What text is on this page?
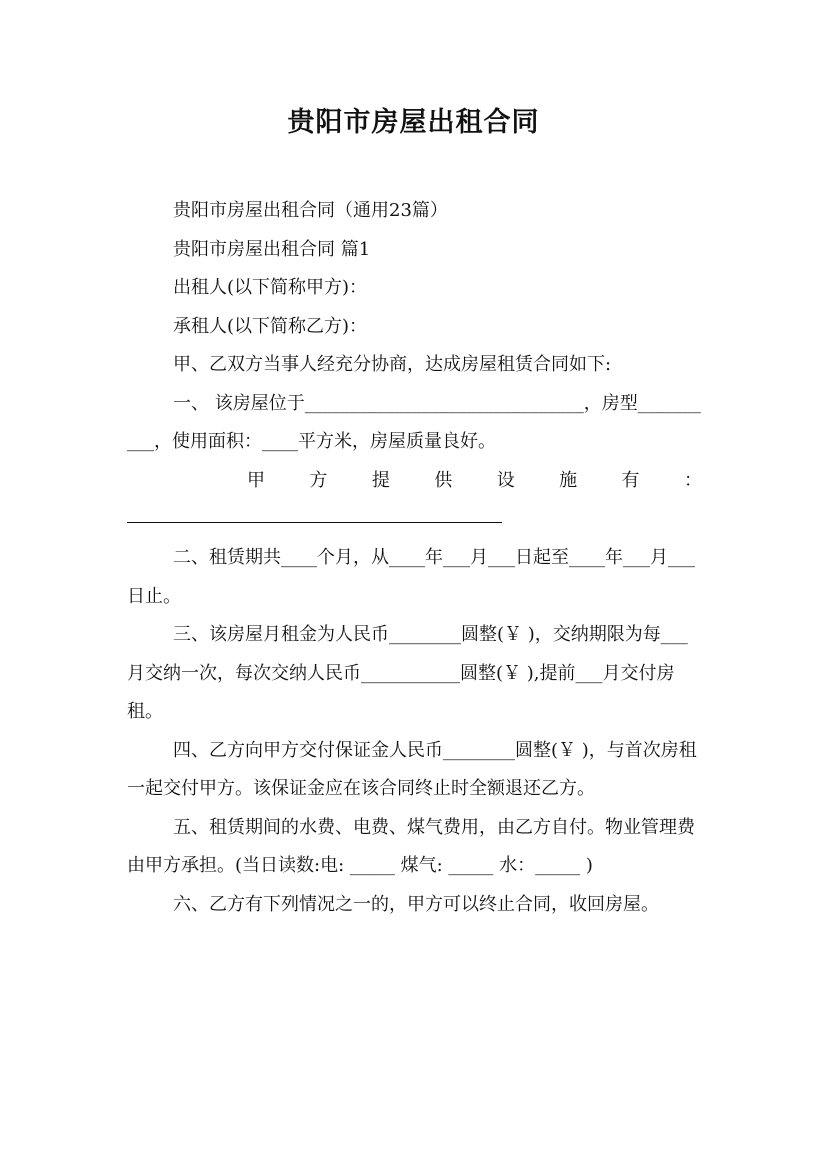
贵阳市房屋出租合同

贵阳市房屋出租合同（通用23篇）

贵阳市房屋出租合同 篇1

出租人(以下简称甲方)：

承租人(以下简称乙方)：

甲、乙双方当事人经充分协商，达成房屋租赁合同如下:

一、 该房屋位于_______________________________，房型__________，使用面积：____平方米，房屋质量良好。

甲 方 提 供 设 施 有 ：

二、租赁期共____个月，从____年___月___日起至____年___月___日止。

三、该房屋月租金为人民币________圆整(￥ )，交纳期限为每___月交纳一次，每次交纳人民币___________圆整(￥ ),提前___月交付房租。

四、乙方向甲方交付保证金人民币________圆整(￥ )，与首次房租一起交付甲方。该保证金应在该合同终止时全额退还乙方。

五、租赁期间的水费、电费、煤气费用，由乙方自付。物业管理费由甲方承担。(当日读数:电: _____ 煤气: _____ 水：_____ )

六、乙方有下列情况之一的，甲方可以终止合同，收回房屋。
